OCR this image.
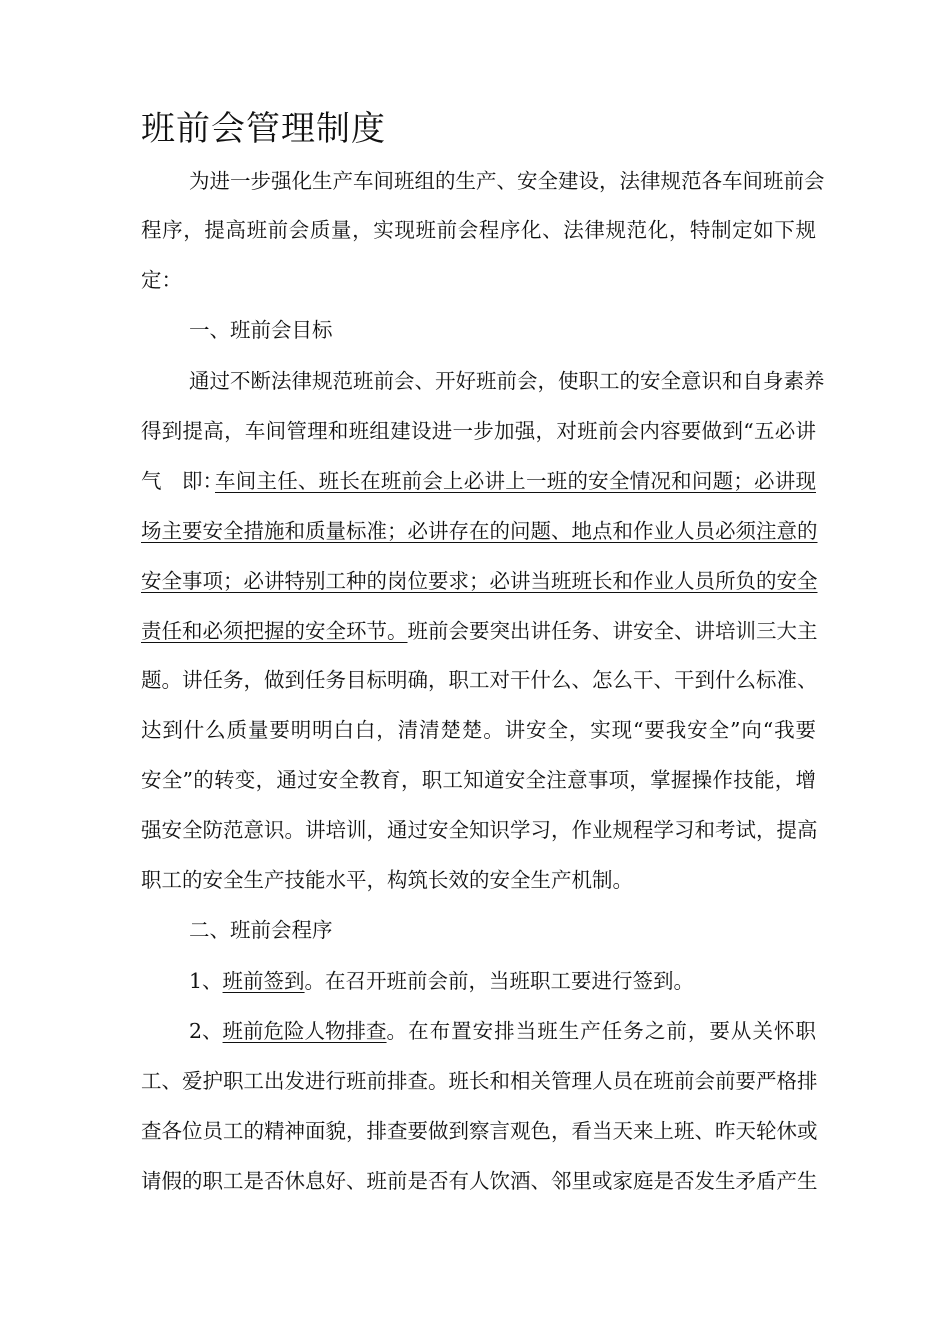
班前会管理制度
为进一步强化生产车间班组的生产、安全建设，法律规范各车间班前会
程序，提高班前会质量，实现班前会程序化、法律规范化，特制定如下规
定：
一、班前会目标
通过不断法律规范班前会、开好班前会，使职工的安全意识和自身素养
得到提高，车间管理和班组建设进一步加强，对班前会内容要做到“五必讲
气　即：
车间主任、班长在班前会上必讲上一班的安全情况和问题；必讲现
场主要安全措施和质量标准；必讲存在的问题、地点和作业人员必须注意的
安全事项；必讲特别工种的岗位要求；必讲当班班长和作业人员所负的安全
责任和必须把握的安全环节。 班前会要突出讲任务、讲安全、讲培训三大主
题。讲任务，做到任务目标明确，职工对干什么、怎么干、干到什么标准、
达到什么质量要明明白白，清清楚楚。讲安全，实现“要我安全”向“我要
安全”的转变，通过安全教育，职工知道安全注意事项，掌握操作技能，增
强安全防范意识。讲培训，通过安全知识学习，作业规程学习和考试，提高
职工的安全生产技能水平，构筑长效的安全生产机制。
二、班前会程序
1、 班前签到 。在召开班前会前，当班职工要进行签到。
2、 班前危险人物排查 。在布置安排当班生产任务之前，要从关怀职
工、爱护职工出发进行班前排查。班长和相关管理人员在班前会前要严格排
查各位员工的精神面貌，排查要做到察言观色，看当天来上班、昨天轮休或
请假的职工是否休息好、班前是否有人饮酒、邻里或家庭是否发生矛盾产生
